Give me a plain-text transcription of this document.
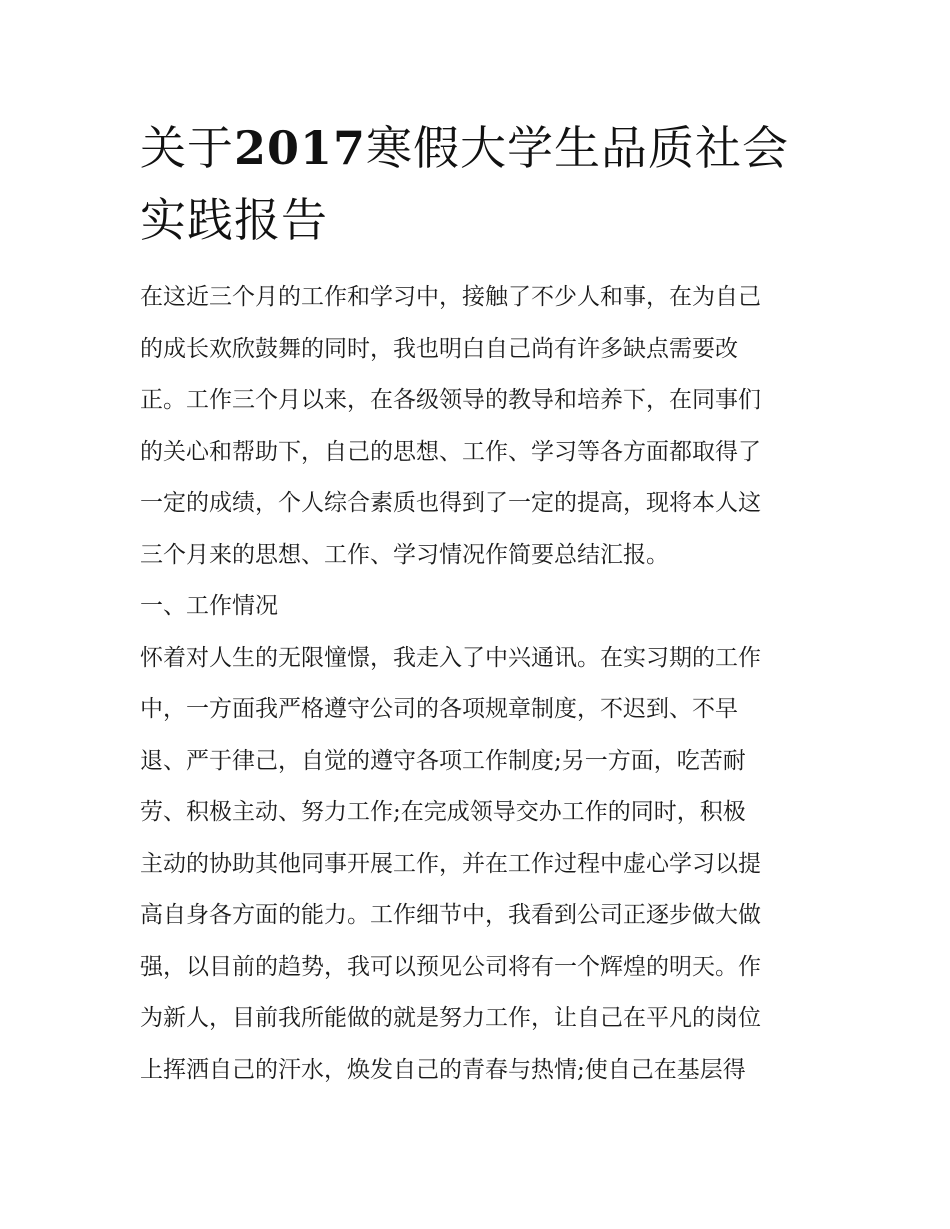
关于2017寒假大学生品质社会
实践报告
在这近三个月的工作和学习中，接触了不少人和事，在为自己
的成长欢欣鼓舞的同时，我也明白自己尚有许多缺点需要改
正。工作三个月以来，在各级领导的教导和培养下，在同事们
的关心和帮助下，自己的思想、工作、学习等各方面都取得了
一定的成绩，个人综合素质也得到了一定的提高，现将本人这
三个月来的思想、工作、学习情况作简要总结汇报。
一、工作情况
怀着对人生的无限憧憬，我走入了中兴通讯。在实习期的工作
中，一方面我严格遵守公司的各项规章制度，不迟到、不早
退、严于律己，自觉的遵守各项工作制度;另一方面，吃苦耐
劳、积极主动、努力工作;在完成领导交办工作的同时，积极
主动的协助其他同事开展工作，并在工作过程中虚心学习以提
高自身各方面的能力。工作细节中，我看到公司正逐步做大做
强，以目前的趋势，我可以预见公司将有一个辉煌的明天。作
为新人，目前我所能做的就是努力工作，让自己在平凡的岗位
上挥洒自己的汗水，焕发自己的青春与热情;使自己在基层得
